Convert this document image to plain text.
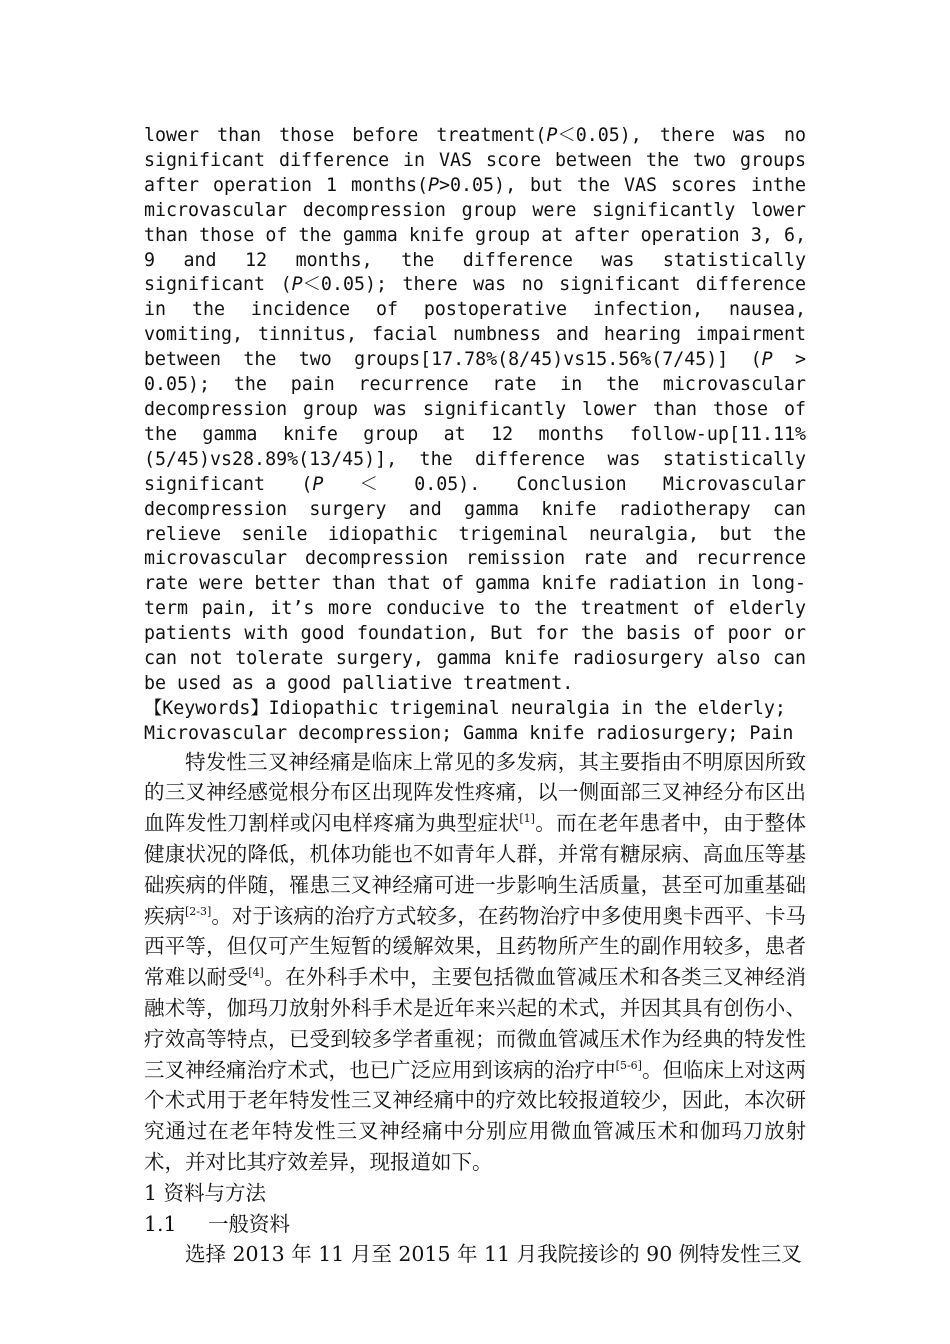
lower than those before treatment(P＜0.05), there was no significant difference in VAS score between the two groups after operation 1 months(P>0.05), but the VAS scores inthe microvascular decompression group were significantly lower than those of the gamma knife group at after operation 3, 6, 9 and 12 months, the difference was statistically significant (P＜0.05); there was no significant difference in the incidence of postoperative infection, nausea, vomiting, tinnitus, facial numbness and hearing impairment between the two groups[17.78%(8/45)vs15.56%(7/45)] (P > 0.05); the pain recurrence rate in the microvascular decompression group was significantly lower than those of the gamma knife group at 12 months follow-up[11.11%(5/45)vs28.89%(13/45)], the difference was statistically significant (P ＜ 0.05). Conclusion Microvascular decompression surgery and gamma knife radiotherapy can relieve senile idiopathic trigeminal neuralgia, but the microvascular decompression remission rate and recurrence rate were better than that of gamma knife radiation in long-term pain, it’s more conducive to the treatment of elderly patients with good foundation, But for the basis of poor or can not tolerate surgery, gamma knife radiosurgery also can be used as a good palliative treatment.

【Keywords】Idiopathic trigeminal neuralgia in the elderly;

Microvascular decompression; Gamma knife radiosurgery; Pain

特发性三叉神经痛是临床上常见的多发病，其主要指由不明原因所致的三叉神经感觉根分布区出现阵发性疼痛，以一侧面部三叉神经分布区出血阵发性刀割样或闪电样疼痛为典型症状[1]。而在老年患者中，由于整体健康状况的降低，机体功能也不如青年人群，并常有糖尿病、高血压等基础疾病的伴随，罹患三叉神经痛可进一步影响生活质量，甚至可加重基础疾病[2-3]。对于该病的治疗方式较多，在药物治疗中多使用奥卡西平、卡马西平等，但仅可产生短暂的缓解效果，且药物所产生的副作用较多，患者常难以耐受[4]。在外科手术中，主要包括微血管减压术和各类三叉神经消融术等，伽玛刀放射外科手术是近年来兴起的术式，并因其具有创伤小、疗效高等特点，已受到较多学者重视；而微血管减压术作为经典的特发性三叉神经痛治疗术式，也已广泛应用到该病的治疗中[5-6]。但临床上对这两个术式用于老年特发性三叉神经痛中的疗效比较报道较少，因此，本次研究通过在老年特发性三叉神经痛中分别应用微血管减压术和伽玛刀放射术，并对比其疗效差异，现报道如下。

1 资料与方法

1.1 一般资料

选择 2013 年 11 月至 2015 年 11 月我院接诊的 90 例特发性三叉
